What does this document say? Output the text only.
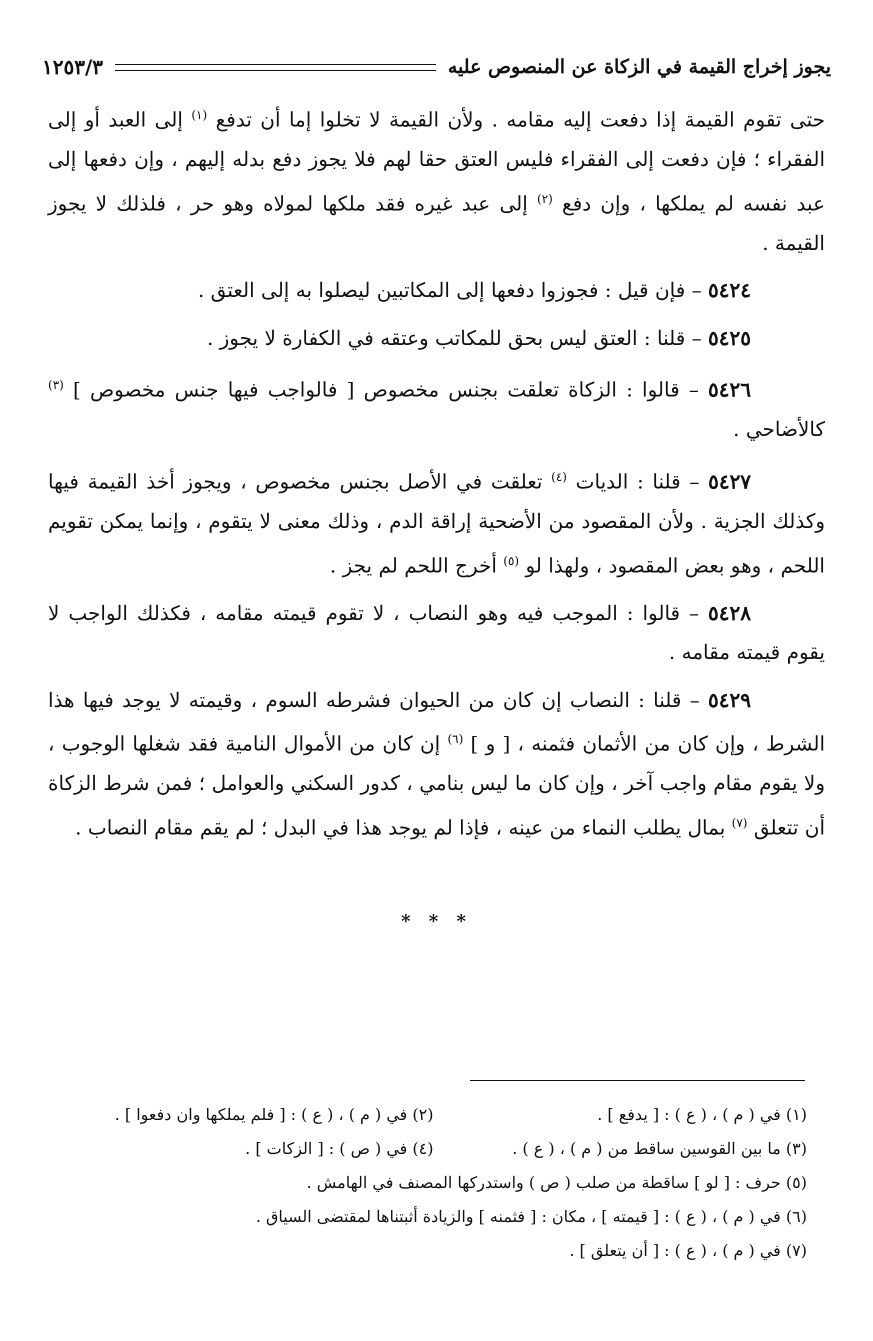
يجوز إخراج القيمة في الزكاة عن المنصوص عليه
١٢٥٣/٣

حتى تقوم القيمة إذا دفعت إليه مقامه . ولأن القيمة لا تخلوا إما أن تدفع $^{(١)}$ إلى العبد أو إلى الفقراء ؛ فإن دفعت إلى الفقراء فليس العتق حقا لهم فلا يجوز دفع بدله إليهم ، وإن دفعها إلى عبد نفسه لم يملكها ، وإن دفع $^{(٢)}$ إلى عبد غيره فقد ملكها لمولاه وهو حر ، فلذلك لا يجوز القيمة .

٥٤٢٤ – فإن قيل : فجوزوا دفعها إلى المكاتبين ليصلوا به إلى العتق .

٥٤٢٥ – قلنا : العتق ليس بحق للمكاتب وعتقه في الكفارة لا يجوز .

٥٤٢٦ – قالوا : الزكاة تعلقت بجنس مخصوص [ فالواجب فيها جنس مخصوص ] $^{(٣)}$ كالأضاحي .

٥٤٢٧ – قلنا : الديات $^{(٤)}$ تعلقت في الأصل بجنس مخصوص ، ويجوز أخذ القيمة فيها وكذلك الجزية . ولأن المقصود من الأضحية إراقة الدم ، وذلك معنى لا يتقوم ، وإنما يمكن تقويم اللحم ، وهو بعض المقصود ، ولهذا لو $^{(٥)}$ أخرج اللحم لم يجز .

٥٤٢٨ – قالوا : الموجب فيه وهو النصاب ، لا تقوم قيمته مقامه ، فكذلك الواجب لا يقوم قيمته مقامه .

٥٤٢٩ – قلنا : النصاب إن كان من الحيوان فشرطه السوم ، وقيمته لا يوجد فيها هذا الشرط ، وإن كان من الأثمان فثمنه ، [ و ] $^{(٦)}$ إن كان من الأموال النامية فقد شغلها الوجوب ، ولا يقوم مقام واجب آخر ، وإن كان ما ليس بنامي ، كدور السكني والعوامل ؛ فمن شرط الزكاة أن تتعلق $^{(٧)}$ بمال يطلب النماء من عينه ، فإذا لم يوجد هذا في البدل ؛ لم يقم مقام النصاب .

* * *
(١) في ( م ) ، ( ع ) : [ يدفع ] .
(٢) في ( م ) ، ( ع ) : [ فلم يملكها وان دفعوا ] .
(٣) ما بين القوسين ساقط من ( م ) ، ( ع ) .
(٤) في ( ص ) : [ الزكات ] .
(٥) حرف : [ لو ] ساقطة من صلب ( ص ) واستدركها المصنف في الهامش .
(٦) في ( م ) ، ( ع ) : [ قيمته ] ، مكان : [ فثمنه ] والزيادة أثبتناها لمقتضى السياق .
(٧) في ( م ) ، ( ع ) : [ أن يتعلق ] .
